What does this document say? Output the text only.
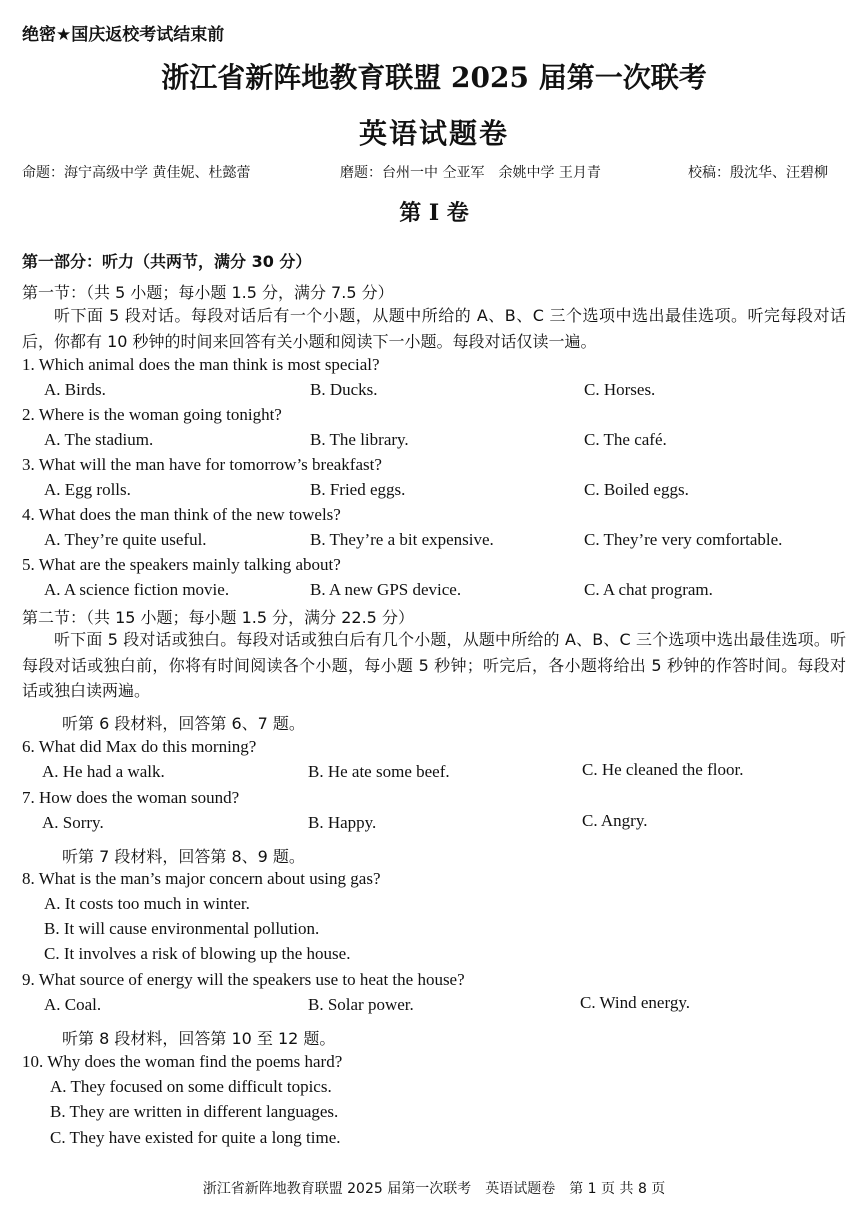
绝密★国庆返校考试结束前
浙江省新阵地教育联盟 2025 届第一次联考
英语试题卷
命题：海宁高级中学 黄佳妮、杜懿蕾	磨题：台州一中 仝亚军　余姚中学 王月青	校稿：殷沈华、汪碧柳
第 I 卷
第一部分：听力（共两节，满分 30 分）
第一节：（共 5 小题；每小题 1.5 分，满分 7.5 分）
听下面 5 段对话。每段对话后有一个小题，从题中所给的 A、B、C 三个选项中选出最佳选项。听完每段对话后，你都有 10 秒钟的时间来回答有关小题和阅读下一小题。每段对话仅读一遍。
1. Which animal does the man think is most special?
A. Birds.	B. Ducks.	C. Horses.
2. Where is the woman going tonight?
A. The stadium.	B. The library.	C. The café.
3. What will the man have for tomorrow’s breakfast?
A. Egg rolls.	B. Fried eggs.	C. Boiled eggs.
4. What does the man think of the new towels?
A. They’re quite useful.	B. They’re a bit expensive.	C. They’re very comfortable.
5. What are the speakers mainly talking about?
A. A science fiction movie.	B. A new GPS device.	C. A chat program.
第二节：（共 15 小题；每小题 1.5 分，满分 22.5 分）
听下面 5 段对话或独白。每段对话或独白后有几个小题，从题中所给的 A、B、C 三个选项中选出最佳选项。听每段对话或独白前，你将有时间阅读各个小题，每小题 5 秒钟；听完后，各小题将给出 5 秒钟的作答时间。每段对话或独白读两遍。
听第 6 段材料，回答第 6、7 题。
6. What did Max do this morning?
A. He had a walk.	B. He ate some beef.	C. He cleaned the floor.
7. How does the woman sound?
A. Sorry.	B. Happy.	C. Angry.
听第 7 段材料，回答第 8、9 题。
8. What is the man’s major concern about using gas?
A. It costs too much in winter.
B. It will cause environmental pollution.
C. It involves a risk of blowing up the house.
9. What source of energy will the speakers use to heat the house?
A. Coal.	B. Solar power.	C. Wind energy.
听第 8 段材料，回答第 10 至 12 题。
10. Why does the woman find the poems hard?
A. They focused on some difficult topics.
B. They are written in different languages.
C. They have existed for quite a long time.
浙江省新阵地教育联盟 2025 届第一次联考　英语试题卷　第 1 页 共 8 页
